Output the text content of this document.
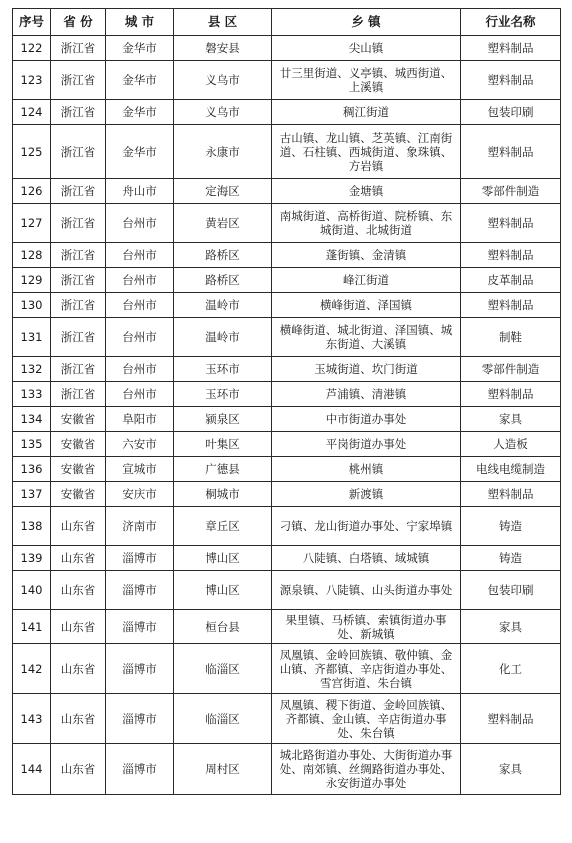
序号	省 份	城 市	县 区	乡 镇	行业名称
122	浙江省	金华市	磐安县	尖山镇	塑料制品
123	浙江省	金华市	义乌市	廿三里街道、义亭镇、城西街道、上溪镇	塑料制品
124	浙江省	金华市	义乌市	稠江街道	包装印刷
125	浙江省	金华市	永康市	古山镇、龙山镇、芝英镇、江南街道、石柱镇、西城街道、象珠镇、方岩镇	塑料制品
126	浙江省	舟山市	定海区	金塘镇	零部件制造
127	浙江省	台州市	黄岩区	南城街道、高桥街道、院桥镇、东城街道、北城街道	塑料制品
128	浙江省	台州市	路桥区	蓬街镇、金清镇	塑料制品
129	浙江省	台州市	路桥区	峰江街道	皮革制品
130	浙江省	台州市	温岭市	横峰街道、泽国镇	塑料制品
131	浙江省	台州市	温岭市	横峰街道、城北街道、泽国镇、城东街道、大溪镇	制鞋
132	浙江省	台州市	玉环市	玉城街道、坎门街道	零部件制造
133	浙江省	台州市	玉环市	芦浦镇、清港镇	塑料制品
134	安徽省	阜阳市	颍泉区	中市街道办事处	家具
135	安徽省	六安市	叶集区	平岗街道办事处	人造板
136	安徽省	宣城市	广德县	桃州镇	电线电缆制造
137	安徽省	安庆市	桐城市	新渡镇	塑料制品
138	山东省	济南市	章丘区	刁镇、龙山街道办事处、宁家埠镇	铸造
139	山东省	淄博市	博山区	八陡镇、白塔镇、域城镇	铸造
140	山东省	淄博市	博山区	源泉镇、八陡镇、山头街道办事处	包装印刷
141	山东省	淄博市	桓台县	果里镇、马桥镇、索镇街道办事处、新城镇	家具
142	山东省	淄博市	临淄区	凤凰镇、金岭回族镇、敬仲镇、金山镇、齐都镇、辛店街道办事处、雪宫街道、朱台镇	化工
143	山东省	淄博市	临淄区	凤凰镇、稷下街道、金岭回族镇、齐都镇、金山镇、辛店街道办事处、朱台镇	塑料制品
144	山东省	淄博市	周村区	城北路街道办事处、大街街道办事处、南郊镇、丝绸路街道办事处、永安街道办事处	家具
